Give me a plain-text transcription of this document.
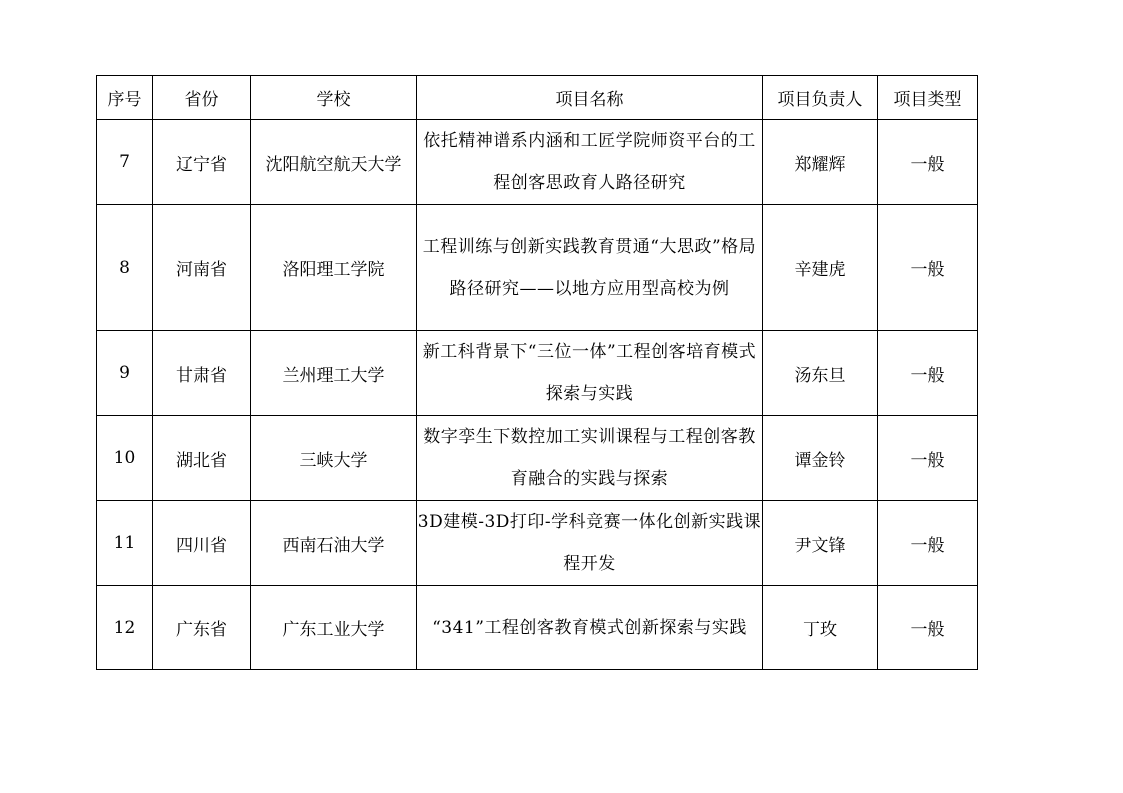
序号	省份	学校	项目名称	项目负责人	项目类型
7	辽宁省	沈阳航空航天大学	依托精神谱系内涵和工匠学院师资平台的工程创客思政育人路径研究	郑耀辉	一般
8	河南省	洛阳理工学院	工程训练与创新实践教育贯通“大思政”格局路径研究——以地方应用型高校为例	辛建虎	一般
9	甘肃省	兰州理工大学	新工科背景下“三位一体”工程创客培育模式探索与实践	汤东旦	一般
10	湖北省	三峡大学	数字孪生下数控加工实训课程与工程创客教育融合的实践与探索	谭金铃	一般
11	四川省	西南石油大学	3D建模-3D打印-学科竞赛一体化创新实践课程开发	尹文锋	一般
12	广东省	广东工业大学	“341”工程创客教育模式创新探索与实践	丁玫	一般
